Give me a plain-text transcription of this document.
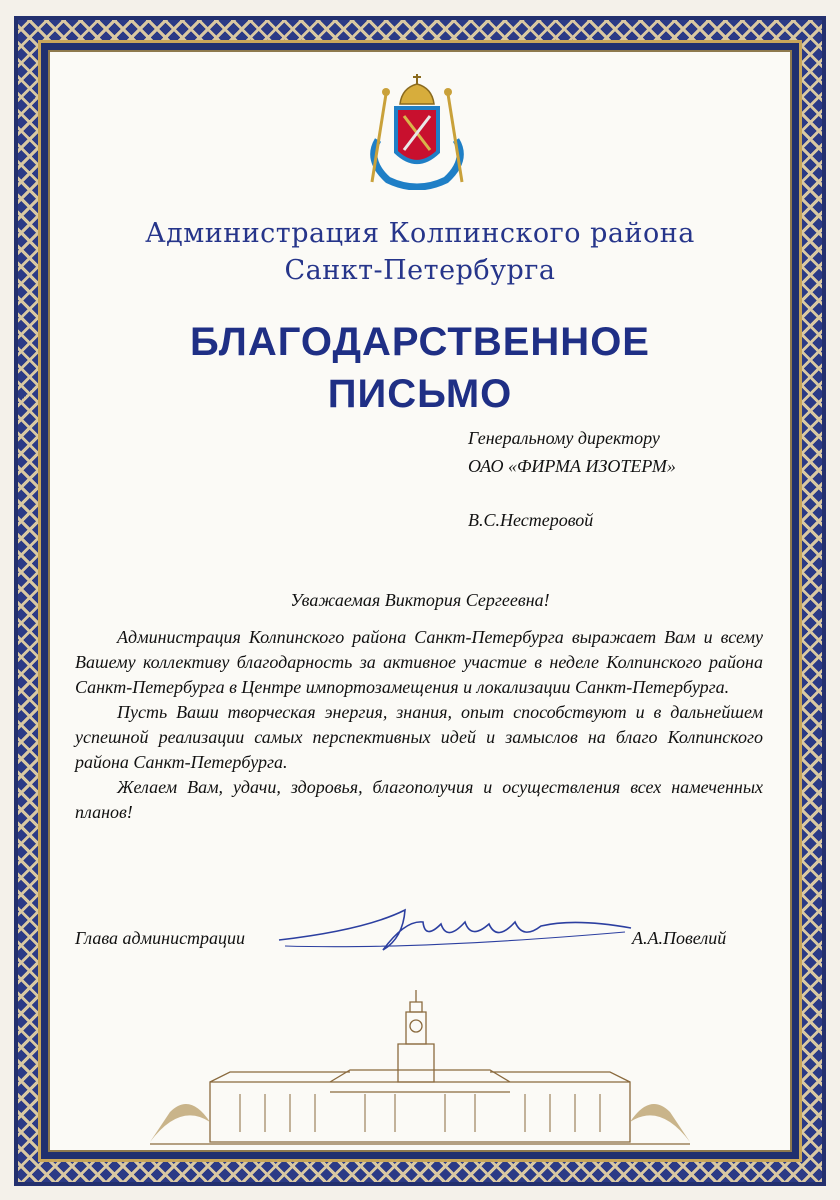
Администрация Колпинского района
Санкт-Петербурга
БЛАГОДАРСТВЕННОЕ
ПИСЬМО
Генеральному директору
ОАО «ФИРМА ИЗОТЕРМ»
В.С.Нестеровой
Уважаемая Виктория Сергеевна!

Администрация Колпинского района Санкт-Петербурга выражает Вам и всему Вашему коллективу благодарность за активное участие в неделе Колпинского района Санкт-Петербурга в Центре импортозамещения и локализации Санкт-Петербурга.

Пусть Ваши творческая энергия, знания, опыт способствуют и в дальнейшем успешной реализации самых перспективных идей и замыслов на благо Колпинского района Санкт-Петербурга.

Желаем Вам, удачи, здоровья, благополучия и осуществления всех намеченных планов!

Глава администрации	А.А.Повелий
